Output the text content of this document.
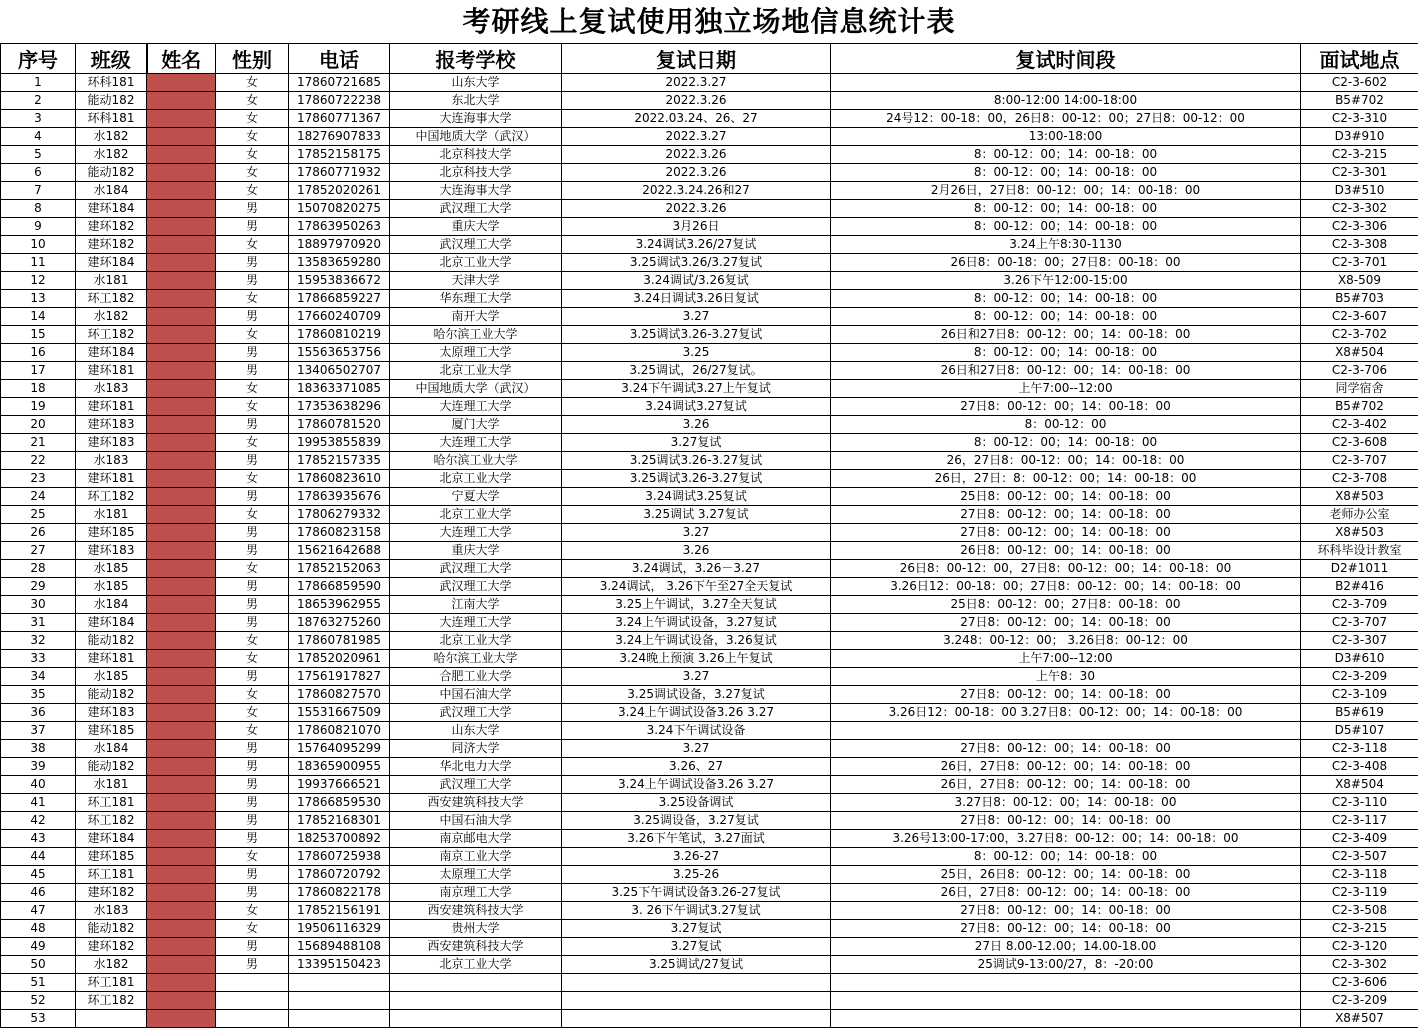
考研线上复试使用独立场地信息统计表
序号	班级	姓名	性别	电话	报考学校	复试日期	复试时间段	面试地点
1	环科181		女	17860721685	山东大学	2022.3.27		C2-3-602
2	能动182		女	17860722238	东北大学	2022.3.26	8:00-12:00 14:00-18:00	B5#702
3	环科181		女	17860771367	大连海事大学	2022.03.24、26、27	24号12：00-18：00，26日8：00-12：00；27日8：00-12：00	C2-3-310
4	水182		女	18276907833	中国地质大学（武汉）	2022.3.27	13:00-18:00	D3#910
5	水182		女	17852158175	北京科技大学	2022.3.26	8：00-12：00；14：00-18：00	C2-3-215
6	能动182		女	17860771932	北京科技大学	2022.3.26	8：00-12：00；14：00-18：00	C2-3-301
7	水184		女	17852020261	大连海事大学	2022.3.24.26和27	2月26日，27日8：00-12：00；14：00-18：00	D3#510
8	建环184		男	15070820275	武汉理工大学	2022.3.26	8：00-12：00；14：00-18：00	C2-3-302
9	建环182		男	17863950263	重庆大学	3月26日	8：00-12：00；14：00-18：00	C2-3-306
10	建环182		女	18897970920	武汉理工大学	3.24调试3.26/27复试	3.24上午8:30-1130	C2-3-308
11	建环184		男	13583659280	北京工业大学	3.25调试3.26/3.27复试	26日8：00-18：00；27日8：00-18：00	C2-3-701
12	水181		男	15953836672	天津大学	3.24调试/3.26复试	3.26下午12:00-15:00	X8-509
13	环工182		女	17866859227	华东理工大学	3.24日调试3.26日复试	8：00-12：00；14：00-18：00	B5#703
14	水182		男	17660240709	南开大学	3.27	8：00-12：00；14：00-18：00	C2-3-607
15	环工182		女	17860810219	哈尔滨工业大学	3.25调试3.26-3.27复试	26日和27日8：00-12：00；14：00-18：00	C2-3-702
16	建环184		男	15563653756	太原理工大学	3.25	8：00-12：00；14：00-18：00	X8#504
17	建环181		男	13406502707	北京工业大学	3.25调试，26/27复试。	26日和27日8：00-12：00；14：00-18：00	C2-3-706
18	水183		女	18363371085	中国地质大学（武汉）	3.24下午调试3.27上午复试	上午7:00--12:00	同学宿舍
19	建环181		女	17353638296	大连理工大学	3.24调试3.27复试	27日8：00-12：00；14：00-18：00	B5#702
20	建环183		男	17860781520	厦门大学	3.26	8：00-12：00	C2-3-402
21	建环183		女	19953855839	大连理工大学	3.27复试	8：00-12：00；14：00-18：00	C2-3-608
22	水183		男	17852157335	哈尔滨工业大学	3.25调试3.26-3.27复试	26，27日8：00-12：00；14：00-18：00	C2-3-707
23	建环181		女	17860823610	北京工业大学	3.25调试3.26-3.27复试	26日，27日：8：00-12：00；14：00-18：00	C2-3-708
24	环工182		男	17863935676	宁夏大学	3.24调试3.25复试	25日8：00-12：00；14：00-18：00	X8#503
25	水181		女	17806279332	北京工业大学	3.25调试 3.27复试	27日8：00-12：00；14：00-18：00	老师办公室
26	建环185		男	17860823158	大连理工大学	3.27	27日8：00-12：00；14：00-18：00	X8#503
27	建环183		男	15621642688	重庆大学	3.26	26日8：00-12：00；14：00-18：00	环科毕设计教室
28	水185		女	17852152063	武汉理工大学	3.24调试，3.26－3.27	26日8：00-12：00，27日8：00-12：00；14：00-18：00	D2#1011
29	水185		男	17866859590	武汉理工大学	3.24调试， 3.26下午至27全天复试	3.26日12：00-18：00；27日8：00-12：00；14：00-18：00	B2#416
30	水184		男	18653962955	江南大学	3.25上午调试，3.27全天复试	25日8：00-12：00；27日8：00-18：00	C2-3-709
31	建环184		男	18763275260	大连理工大学	3.24上午调试设备，3.27复试	27日8：00-12：00；14：00-18：00	C2-3-707
32	能动182		女	17860781985	北京工业大学	3.24上午调试设备，3.26复试	3.248：00-12：00； 3.26日8：00-12：00	C2-3-307
33	建环181		女	17852020961	哈尔滨工业大学	3.24晚上预演 3.26上午复试	上午7:00--12:00	D3#610
34	水185		男	17561917827	合肥工业大学	3.27	上午8：30	C2-3-209
35	能动182		女	17860827570	中国石油大学	3.25调试设备，3.27复试	27日8：00-12：00；14：00-18：00	C2-3-109
36	建环183		女	15531667509	武汉理工大学	3.24上午调试设备3.26 3.27	3.26日12：00-18：00 3.27日8：00-12：00；14：00-18：00	B5#619
37	建环185		女	17860821070	山东大学	3.24下午调试设备		D5#107
38	水184		男	15764095299	同济大学	3.27	27日8：00-12：00；14：00-18：00	C2-3-118
39	能动182		男	18365900955	华北电力大学	3.26、27	26日，27日8：00-12：00；14：00-18：00	C2-3-408
40	水181		男	19937666521	武汉理工大学	3.24上午调试设备3.26 3.27	26日，27日8：00-12：00；14：00-18：00	X8#504
41	环工181		男	17866859530	西安建筑科技大学	3.25设备调试	3.27日8：00-12：00；14：00-18：00	C2-3-110
42	环工182		男	17852168301	中国石油大学	3.25调设备，3.27复试	27日8：00-12：00；14：00-18：00	C2-3-117
43	建环184		男	18253700892	南京邮电大学	3.26下午笔试，3.27面试	3.26号13:00-17:00，3.27日8：00-12：00；14：00-18：00	C2-3-409
44	建环185		女	17860725938	南京工业大学	3.26-27	8：00-12：00；14：00-18：00	C2-3-507
45	环工181		男	17860720792	太原理工大学	3.25-26	25日，26日8：00-12：00；14：00-18：00	C2-3-118
46	建环182		男	17860822178	南京理工大学	3.25下午调试设备3.26-27复试	26日，27日8：00-12：00；14：00-18：00	C2-3-119
47	水183		女	17852156191	西安建筑科技大学	3. 26下午调试3.27复试	27日8：00-12：00；14：00-18：00	C2-3-508
48	能动182		女	19506116329	贵州大学	3.27复试	27日8：00-12：00；14：00-18：00	C2-3-215
49	建环182		男	15689488108	西安建筑科技大学	3.27复试	27日 8.00-12.00；14.00-18.00	C2-3-120
50	水182		男	13395150423	北京工业大学	3.25调试/27复试	25调试9-13:00/27，8：-20:00	C2-3-302
51	环工181							C2-3-606
52	环工182							C2-3-209
53								X8#507
